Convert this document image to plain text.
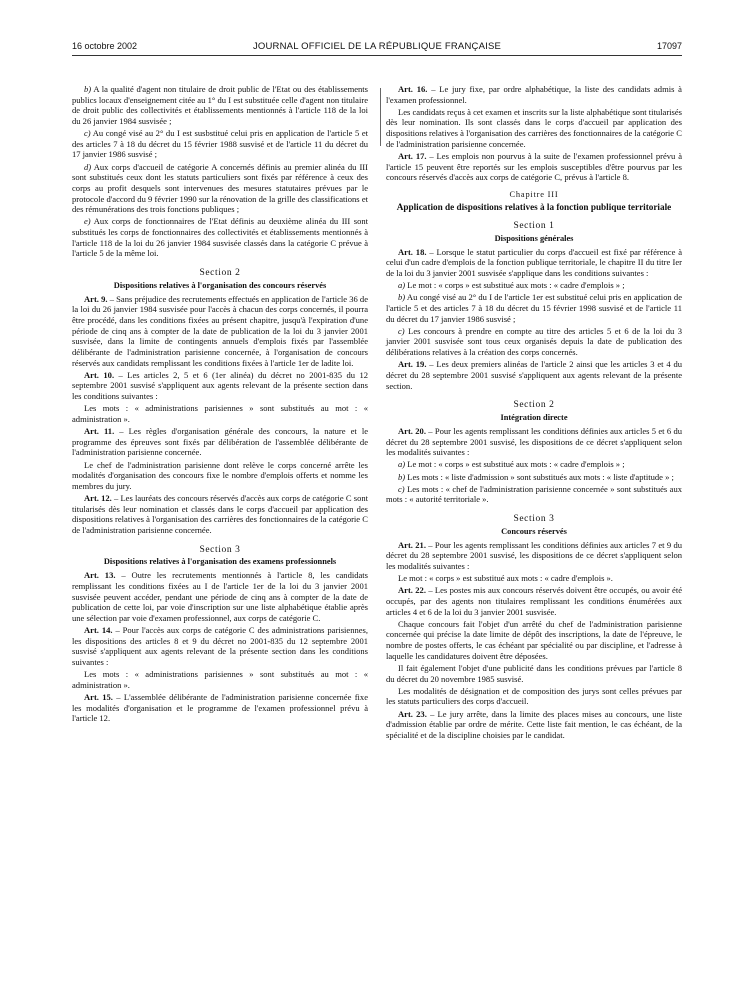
16 octobre 2002	JOURNAL OFFICIEL DE LA RÉPUBLIQUE FRANÇAISE	17097

b) A la qualité d'agent non titulaire de droit public de l'Etat ou des établissements publics locaux d'enseignement citée au 1° du I est substituée celle d'agent non titulaire de droit public des collectivités et établissements mentionnés à l'article 118 de la loi du 26 janvier 1984 susvisée ;

c) Au congé visé au 2° du I est susbstitué celui pris en application de l'article 5 et des articles 7 à 18 du décret du 15 février 1988 susvisé et de l'article 11 du décret du 17 janvier 1986 susvisé ;

d) Aux corps d'accueil de catégorie A concernés définis au premier alinéa du III sont substitués ceux dont les statuts particuliers sont fixés par référence à ceux des corps au profit desquels sont intervenues des mesures statutaires prévues par le protocole d'accord du 9 février 1990 sur la rénovation de la grille des classifications et des rémunérations des trois fonctions publiques ;

e) Aux corps de fonctionnaires de l'Etat définis au deuxième alinéa du III sont substitués les corps de fonctionnaires des collectivités et établissements mentionnés à l'article 118 de la loi du 26 janvier 1984 susvisée classés dans la catégorie C prévue à l'article 5 de la même loi.

Section 2
Dispositions relatives à l'organisation des concours réservés

Art. 9. – Sans préjudice des recrutements effectués en application de l'article 36 de la loi du 26 janvier 1984 susvisée pour l'accès à chacun des corps concernés, il pourra être procédé, dans les conditions fixées au présent chapitre, jusqu'à l'expiration d'une période de cinq ans à compter de la date de publication de la loi du 3 janvier 2001 susvisée, dans la limite de contingents annuels d'emplois fixés par l'assemblée délibérante de l'administration parisienne concernée, à l'organisation de concours réservés aux candidats remplissant les conditions fixées à l'article 1er de ladite loi.

Art. 10. – Les articles 2, 5 et 6 (1er alinéa) du décret no 2001-835 du 12 septembre 2001 susvisé s'appliquent aux agents relevant de la présente section dans les conditions suivantes :

Les mots : « administrations parisiennes » sont substitués au mot : « administration ».

Art. 11. – Les règles d'organisation générale des concours, la nature et le programme des épreuves sont fixés par délibération de l'assemblée délibérante de l'administration parisienne concernée.

Le chef de l'administration parisienne dont relève le corps concerné arrête les modalités d'organisation des concours fixe le nombre d'emplois offerts et nomme les membres du jury.

Art. 12. – Les lauréats des concours réservés d'accès aux corps de catégorie C sont titularisés dès leur nomination et classés dans le corps d'accueil par application des dispositions relatives à l'organisation des carrières des fonctionnaires de la catégorie C de l'administration parisienne concernée.

Section 3
Dispositions relatives à l'organisation des examens professionnels

Art. 13. – Outre les recrutements mentionnés à l'article 8, les candidats remplissant les conditions fixées au I de l'article 1er de la loi du 3 janvier 2001 susvisée peuvent accéder, pendant une période de cinq ans à compter de la date de publication de cette loi, par voie d'inscription sur une liste alphabétique établie après une sélection par voie d'examen professionnel, aux corps de catégorie C.

Art. 14. – Pour l'accès aux corps de catégorie C des administrations parisiennes, les dispositions des articles 8 et 9 du décret no 2001-835 du 12 septembre 2001 susvisé s'appliquent aux agents relevant de la présente section dans les conditions suivantes :

Les mots : « administrations parisiennes » sont substitués au mot : « administration ».

Art. 15. – L'assemblée délibérante de l'administration parisienne concernée fixe les modalités d'organisation et le programme de l'examen professionnel prévu à l'article 12.

Art. 16. – Le jury fixe, par ordre alphabétique, la liste des candidats admis à l'examen professionnel.

Les candidats reçus à cet examen et inscrits sur la liste alphabétique sont titularisés dès leur nomination. Ils sont classés dans le corps d'accueil par application des dispositions relatives à l'organisation des carrières des fonctionnaires de la catégorie C de l'administration parisienne concernée.

Art. 17. – Les emplois non pourvus à la suite de l'examen professionnel prévu à l'article 15 peuvent être reportés sur les emplois susceptibles d'être pourvus par les concours réservés d'accès aux corps de catégorie C, prévus à l'article 8.

Chapitre III
Application de dispositions relatives à la fonction publique territoriale
Section 1
Dispositions générales

Art. 18. – Lorsque le statut particulier du corps d'accueil est fixé par référence à celui d'un cadre d'emplois de la fonction publique territoriale, le chapitre II du titre Ier de la loi du 3 janvier 2001 susvisée s'applique dans les conditions suivantes :

a) Le mot : « corps » est substitué aux mots : « cadre d'emplois » ;

b) Au congé visé au 2° du I de l'article 1er est substitué celui pris en application de l'article 5 et des articles 7 à 18 du décret du 15 février 1998 susvisé et de l'article 11 du décret du 17 janvier 1986 susvisé ;

c) Les concours à prendre en compte au titre des articles 5 et 6 de la loi du 3 janvier 2001 susvisée sont tous ceux organisés depuis la date de publication des délibérations relatives à la création des corps concernés.

Art. 19. – Les deux premiers alinéas de l'article 2 ainsi que les articles 3 et 4 du décret du 28 septembre 2001 susvisé s'appliquent aux agents relevant de la présente section.

Section 2
Intégration directe

Art. 20. – Pour les agents remplissant les conditions définies aux articles 5 et 6 du décret du 28 septembre 2001 susvisé, les dispositions de ce décret s'appliquent selon les modalités suivantes :

a) Le mot : « corps » est substitué aux mots : « cadre d'emplois » ;

b) Les mots : « liste d'admission » sont substitués aux mots : « liste d'aptitude » ;

c) Les mots : « chef de l'administration parisienne concernée » sont substitués aux mots : « autorité territoriale ».

Section 3
Concours réservés

Art. 21. – Pour les agents remplissant les conditions définies aux articles 7 et 9 du décret du 28 septembre 2001 susvisé, les dispositions de ce décret s'appliquent selon les modalités suivantes :

Le mot : « corps » est substitué aux mots : « cadre d'emplois ».

Art. 22. – Les postes mis aux concours réservés doivent être occupés, ou avoir été occupés, par des agents non titulaires remplissant les conditions énumérées aux articles 4 et 6 de la loi du 3 janvier 2001 susvisée.

Chaque concours fait l'objet d'un arrêté du chef de l'administration parisienne concernée qui précise la date limite de dépôt des inscriptions, la date de l'épreuve, le nombre de postes offerts, le cas échéant par spécialité ou par discipline, et l'adresse à laquelle les candidatures doivent être déposées.

Il fait également l'objet d'une publicité dans les conditions prévues par l'article 8 du décret du 20 novembre 1985 susvisé.

Les modalités de désignation et de composition des jurys sont celles prévues par les statuts particuliers des corps d'accueil.

Art. 23. – Le jury arrête, dans la limite des places mises au concours, une liste d'admission établie par ordre de mérite. Cette liste fait mention, le cas échéant, de la spécialité et de la discipline choisies par le candidat.
